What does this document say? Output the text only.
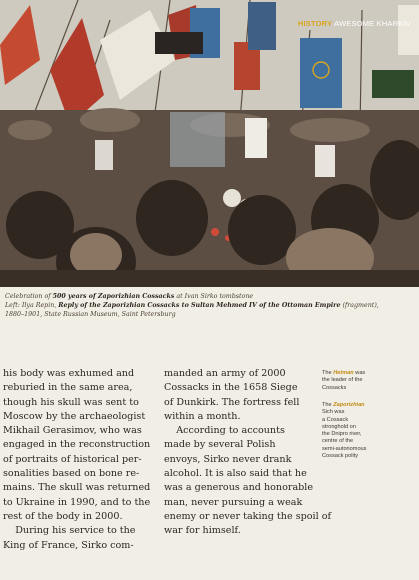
HISTORY AWESOME KHARKIV
Celebration of 500 years of Zaporizhian Cossacks at Ivan Sirko tombstone
Left: Ilya Repin, Reply of the Zaporizhian Cossacks to Sultan Mehmed IV of the Ottoman Empire (fragment),
1880–1901, State Russian Museum, Saint Petersburg
his body was exhumed and
reburied in the same area,
though his skull was sent to
Moscow by the archaeologist
Mikhail Gerasimov, who was
engaged in the reconstruction
of portraits of historical per-
sonalities based on bone re-
mains. The skull was returned
to Ukraine in 1990, and to the
rest of the body in 2000.
During his service to the
King of France, Sirko com-
manded an army of 2000
Cossacks in the 1658 Siege
of Dunkirk. The fortress fell
within a month.
According to accounts
made by several Polish
envoys, Sirko never drank
alcohol. It is also said that he
was a generous and honorable
man, never pursuing a weak
enemy or never taking the spoil of
war for himself.
The Hetman was
the leader of the
Cossacks
The Zaporizhian
Sich was
a Cossack
stronghold on
the Dnipro river,
centre of the
semi-autonomous
Cossack polity
